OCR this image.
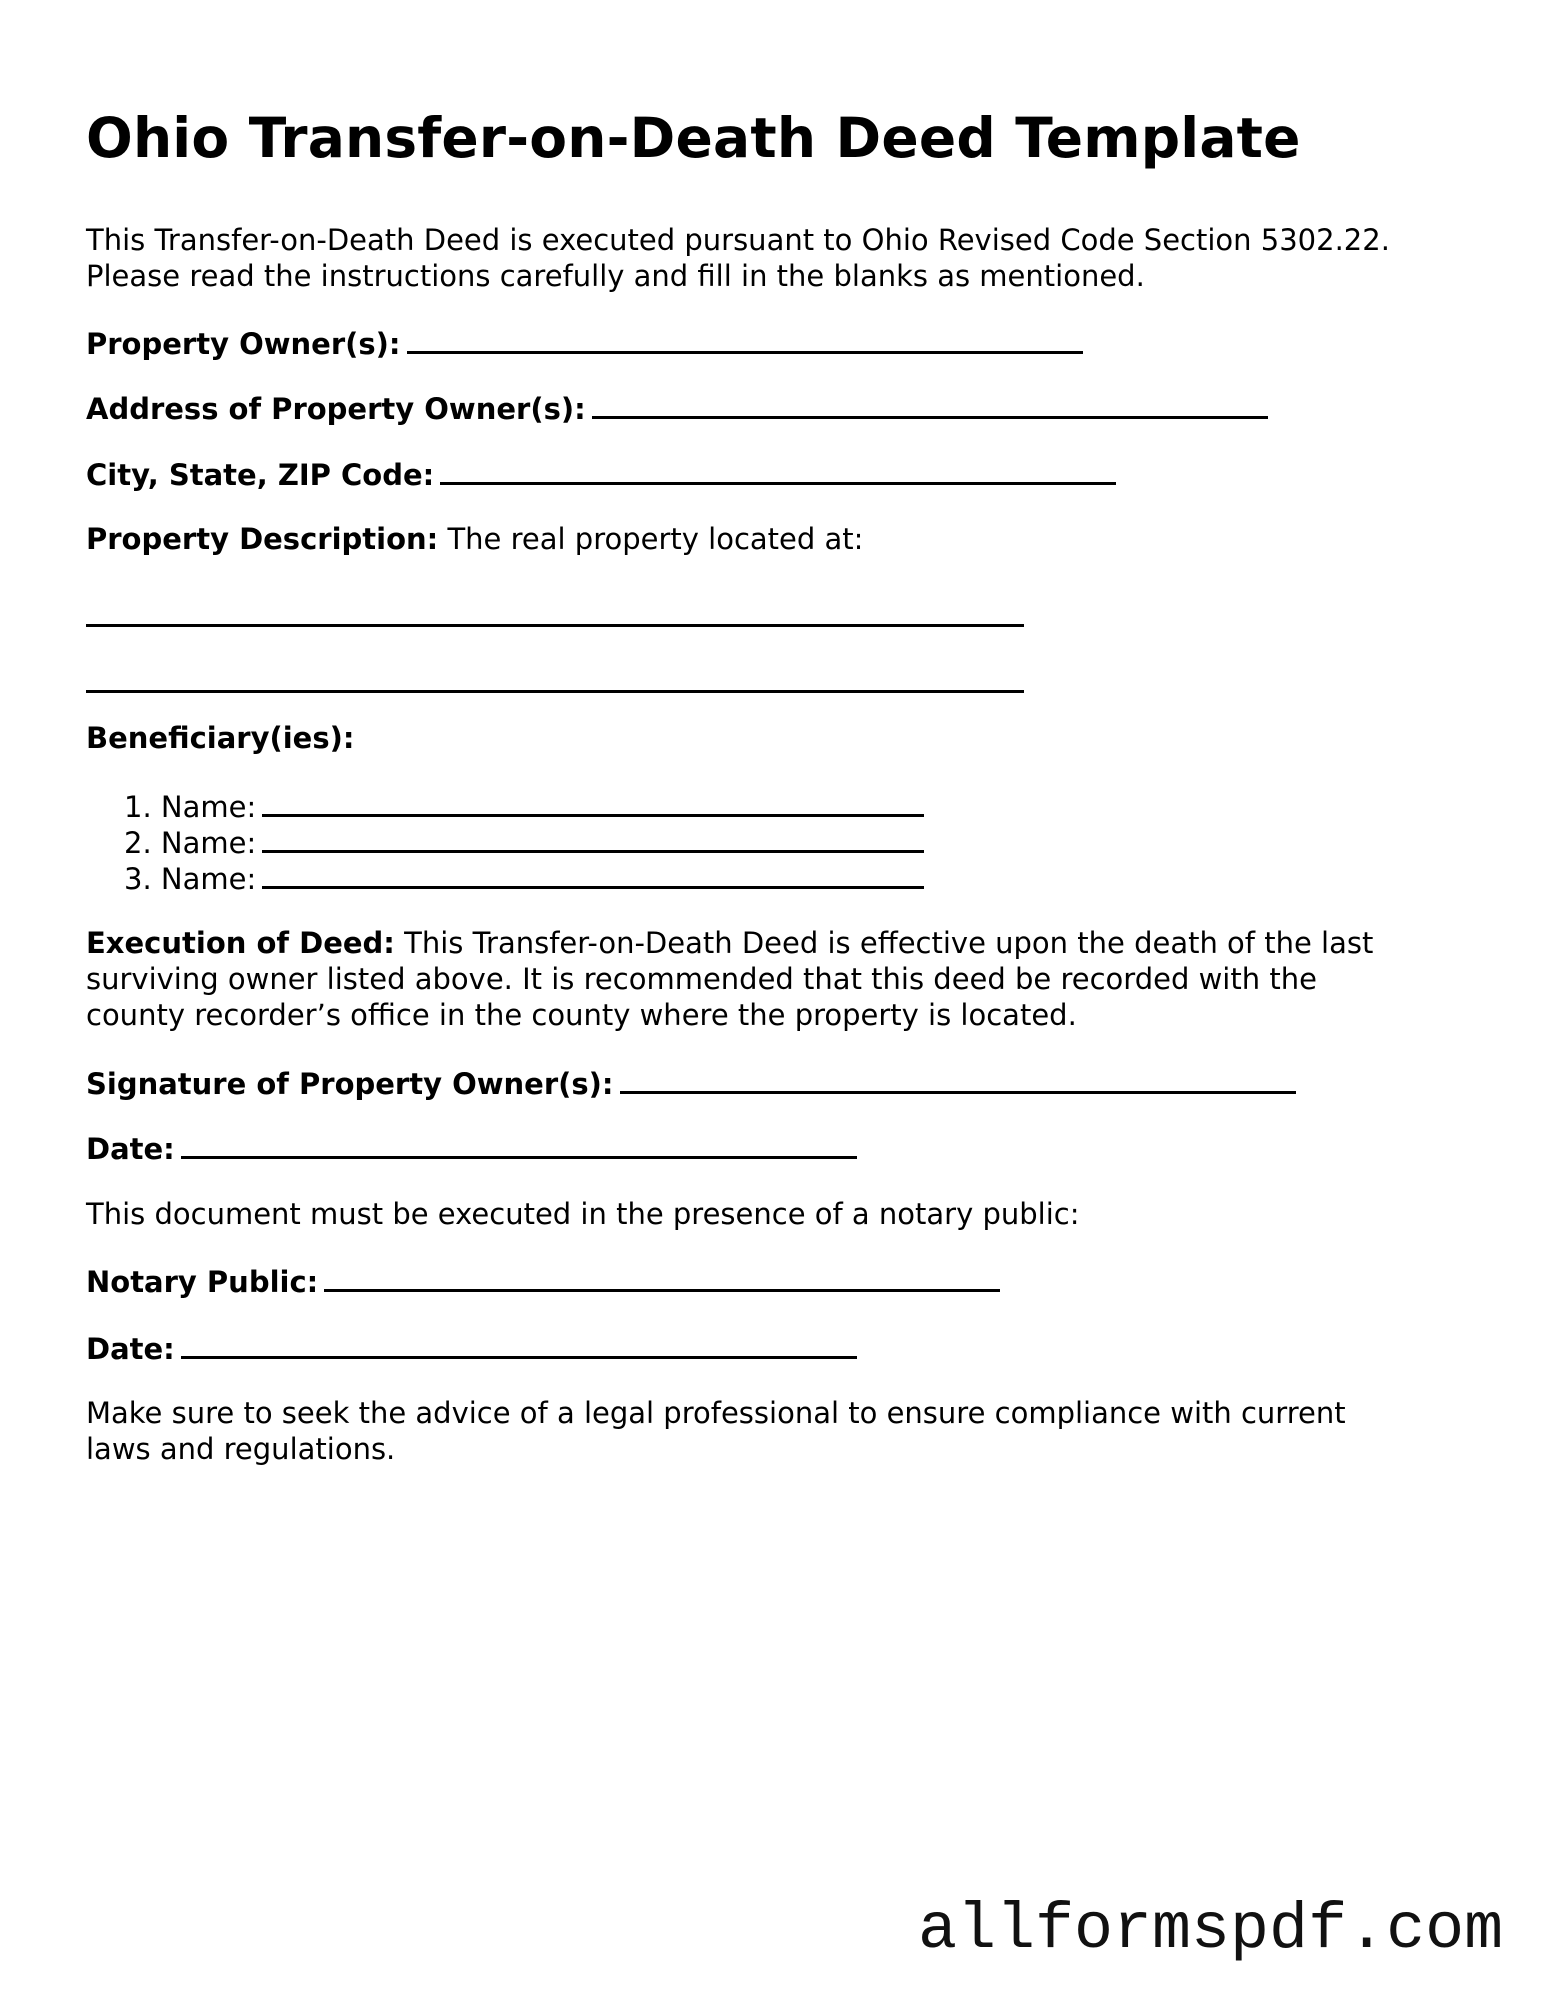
Ohio Transfer-on-Death Deed Template

This Transfer-on-Death Deed is executed pursuant to Ohio Revised Code Section 5302.22.

Please read the instructions carefully and fill in the blanks as mentioned.

Property Owner(s):

Address of Property Owner(s):

City, State, ZIP Code:

Property Description: The real property located at:

Beneficiary(ies):

1. Name:

2. Name:

3. Name:

Execution of Deed: This Transfer-on-Death Deed is effective upon the death of the last

surviving owner listed above. It is recommended that this deed be recorded with the

county recorder’s office in the county where the property is located.

Signature of Property Owner(s):

Date:

This document must be executed in the presence of a notary public:

Notary Public:

Date:

Make sure to seek the advice of a legal professional to ensure compliance with current

laws and regulations.

allformspdf.com
